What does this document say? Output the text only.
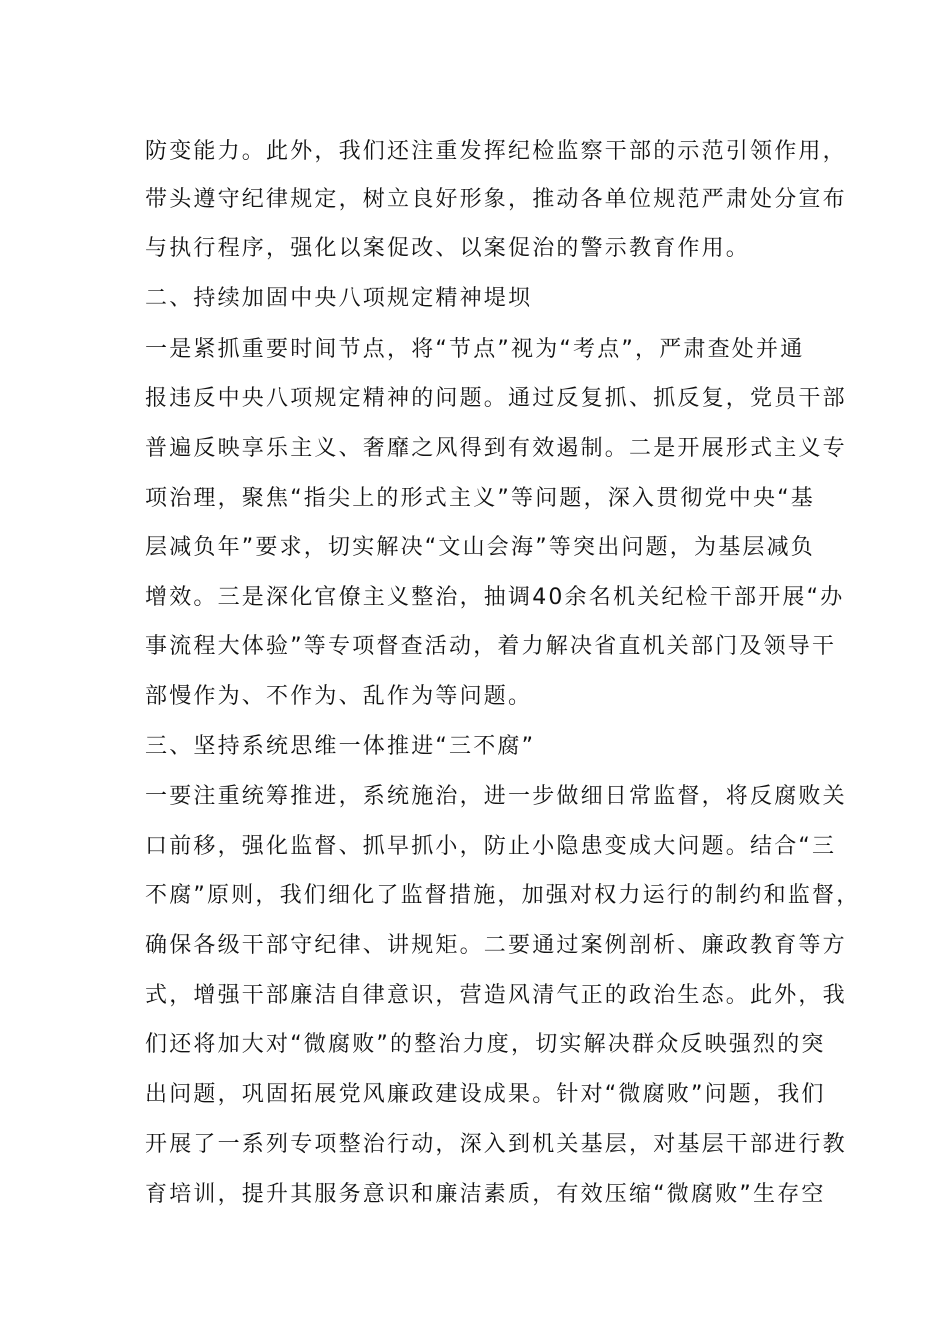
防变能力。此外，我们还注重发挥纪检监察干部的示范引领作用，
带头遵守纪律规定，树立良好形象，推动各单位规范严肃处分宣布
与执行程序，强化以案促改、以案促治的警示教育作用。
二、持续加固中央八项规定精神堤坝
一是紧抓重要时间节点，将“节点”视为“考点”，严肃查处并通
报违反中央八项规定精神的问题。通过反复抓、抓反复，党员干部
普遍反映享乐主义、奢靡之风得到有效遏制。二是开展形式主义专
项治理，聚焦“指尖上的形式主义”等问题，深入贯彻党中央“基
层减负年”要求，切实解决“文山会海”等突出问题，为基层减负
增效。三是深化官僚主义整治，抽调40余名机关纪检干部开展“办
事流程大体验”等专项督查活动，着力解决省直机关部门及领导干
部慢作为、不作为、乱作为等问题。
三、坚持系统思维一体推进“三不腐”
一要注重统筹推进，系统施治，进一步做细日常监督，将反腐败关
口前移，强化监督、抓早抓小，防止小隐患变成大问题。结合“三
不腐”原则，我们细化了监督措施，加强对权力运行的制约和监督，
确保各级干部守纪律、讲规矩。二要通过案例剖析、廉政教育等方
式，增强干部廉洁自律意识，营造风清气正的政治生态。此外，我
们还将加大对“微腐败”的整治力度，切实解决群众反映强烈的突
出问题，巩固拓展党风廉政建设成果。针对“微腐败”问题，我们
开展了一系列专项整治行动，深入到机关基层，对基层干部进行教
育培训，提升其服务意识和廉洁素质，有效压缩“微腐败”生存空
